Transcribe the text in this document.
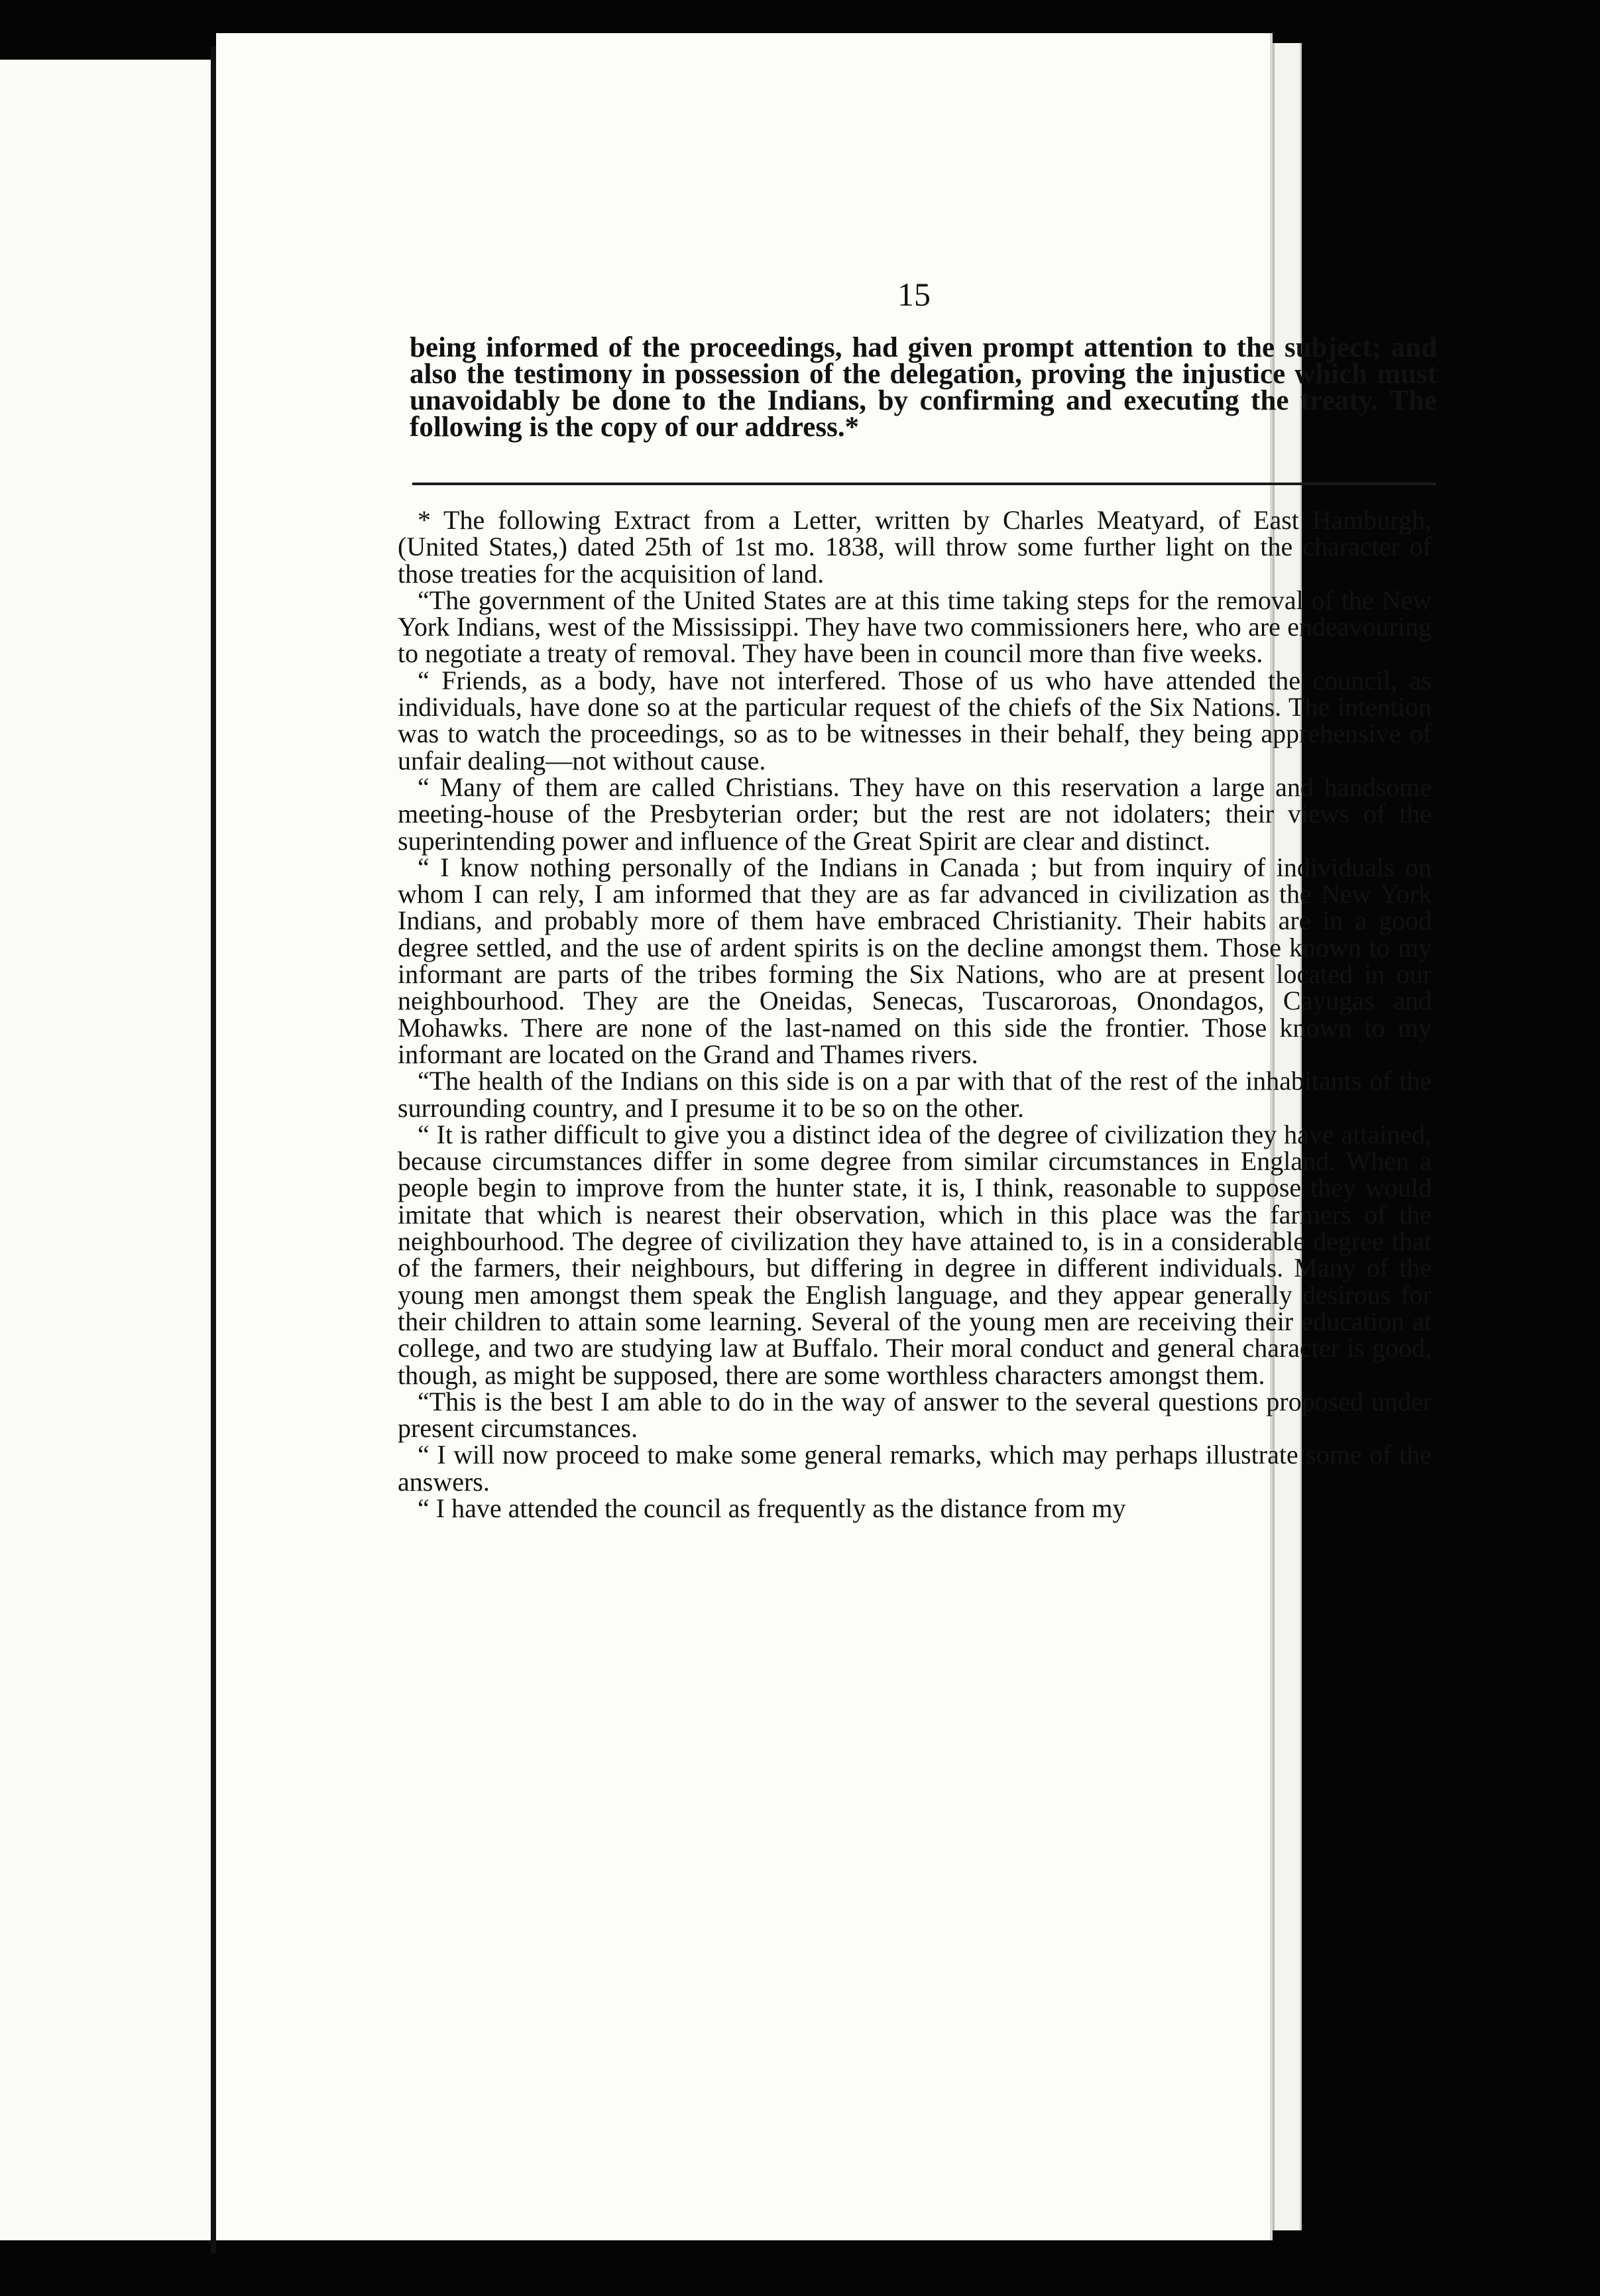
15

being informed of the proceedings, had given prompt attention to the subject; and also the testimony in possession of the delegation, proving the injustice which must unavoidably be done to the Indians, by confirming and executing the treaty. The following is the copy of our address.*

* The following Extract from a Letter, written by Charles Meatyard, of East Hamburgh, (United States,) dated 25th of 1st mo. 1838, will throw some further light on the character of those treaties for the acquisition of land.

“The government of the United States are at this time taking steps for the removal of the New York Indians, west of the Mississippi. They have two commissioners here, who are endeavouring to negotiate a treaty of removal. They have been in council more than five weeks.

“ Friends, as a body, have not interfered. Those of us who have attended the council, as individuals, have done so at the particular request of the chiefs of the Six Nations. The intention was to watch the proceedings, so as to be witnesses in their behalf, they being apprehensive of unfair dealing—not without cause.

“ Many of them are called Christians. They have on this reservation a large and handsome meeting-house of the Presbyterian order; but the rest are not idolaters; their views of the superintending power and influence of the Great Spirit are clear and distinct.

“ I know nothing personally of the Indians in Canada ; but from inquiry of individuals on whom I can rely, I am informed that they are as far advanced in civilization as the New York Indians, and probably more of them have embraced Christianity. Their habits are in a good degree settled, and the use of ardent spirits is on the decline amongst them. Those known to my informant are parts of the tribes forming the Six Nations, who are at present located in our neighbourhood. They are the Oneidas, Senecas, Tuscaroroas, Onondagos, Cayugas and Mohawks. There are none of the last-named on this side the frontier. Those known to my informant are located on the Grand and Thames rivers.

“The health of the Indians on this side is on a par with that of the rest of the inhabitants of the surrounding country, and I presume it to be so on the other.

“ It is rather difficult to give you a distinct idea of the degree of civilization they have attained, because circumstances differ in some degree from similar circumstances in England. When a people begin to improve from the hunter state, it is, I think, reasonable to suppose they would imitate that which is nearest their observation, which in this place was the farmers of the neighbourhood. The degree of civilization they have attained to, is in a considerable degree that of the farmers, their neighbours, but differing in degree in different individuals. Many of the young men amongst them speak the English language, and they appear generally desirous for their children to attain some learning. Several of the young men are receiving their education at college, and two are studying law at Buffalo. Their moral conduct and general character is good, though, as might be supposed, there are some worthless characters amongst them.

“This is the best I am able to do in the way of answer to the several questions proposed under present circumstances.

“ I will now proceed to make some general remarks, which may perhaps illustrate some of the answers.

“ I have attended the council as frequently as the distance from my
